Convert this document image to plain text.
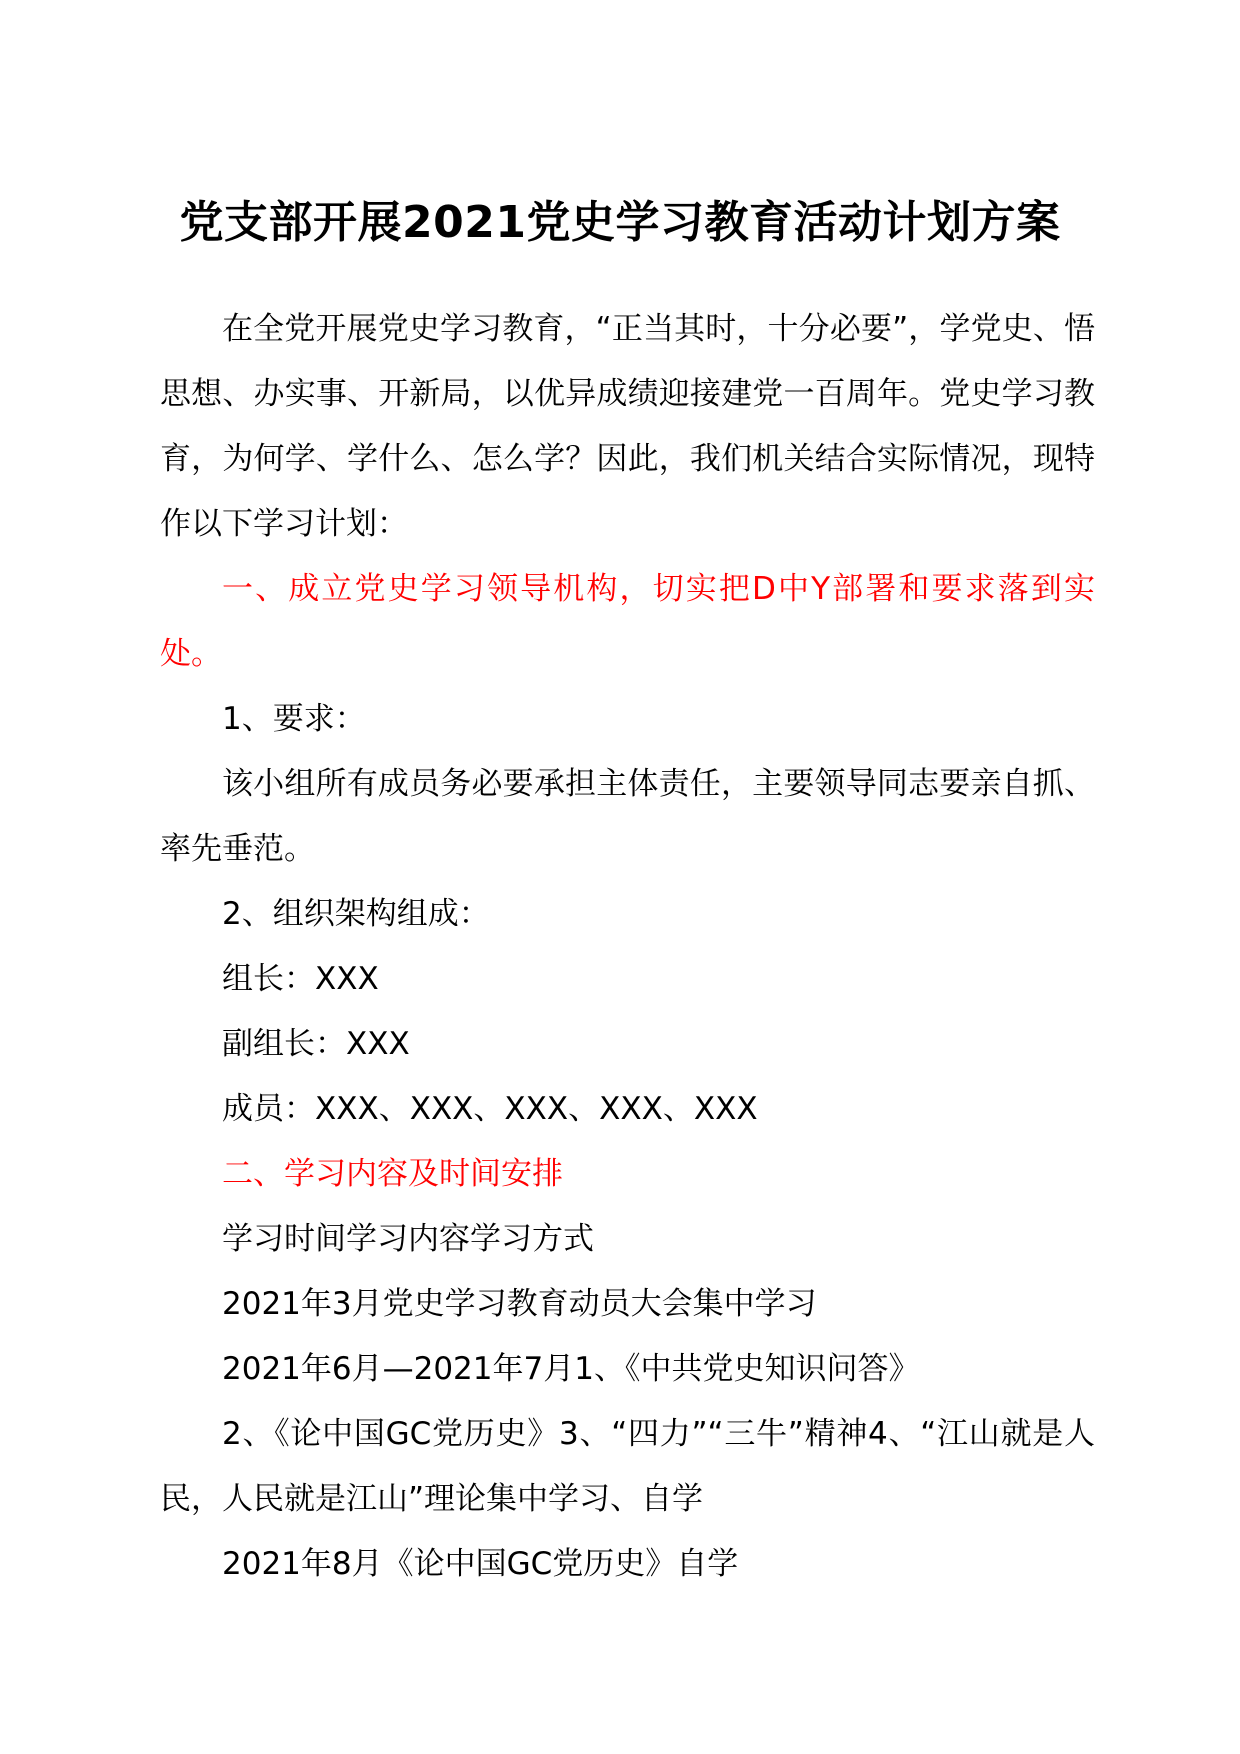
党支部开展2021党史学习教育活动计划方案

在全党开展党史学习教育，“正当其时，十分必要”，学党史、悟思想、办实事、开新局，以优异成绩迎接建党一百周年。党史学习教育，为何学、学什么、怎么学？因此，我们机关结合实际情况，现特作以下学习计划：

一、成立党史学习领导机构，切实把D中Y部署和要求落到实处。

1、要求：

该小组所有成员务必要承担主体责任，主要领导同志要亲自抓、率先垂范。

2、组织架构组成：

组长：XXX

副组长：XXX

成员：XXX、XXX、XXX、XXX、XXX

二、学习内容及时间安排

学习时间学习内容学习方式

2021年3月党史学习教育动员大会集中学习

2021年6月—2021年7月1、《中共党史知识问答》

2、《论中国GC党历史》3、“四力”“三牛”精神4、“江山就是人民，人民就是江山”理论集中学习、自学

2021年8月《论中国GC党历史》自学
